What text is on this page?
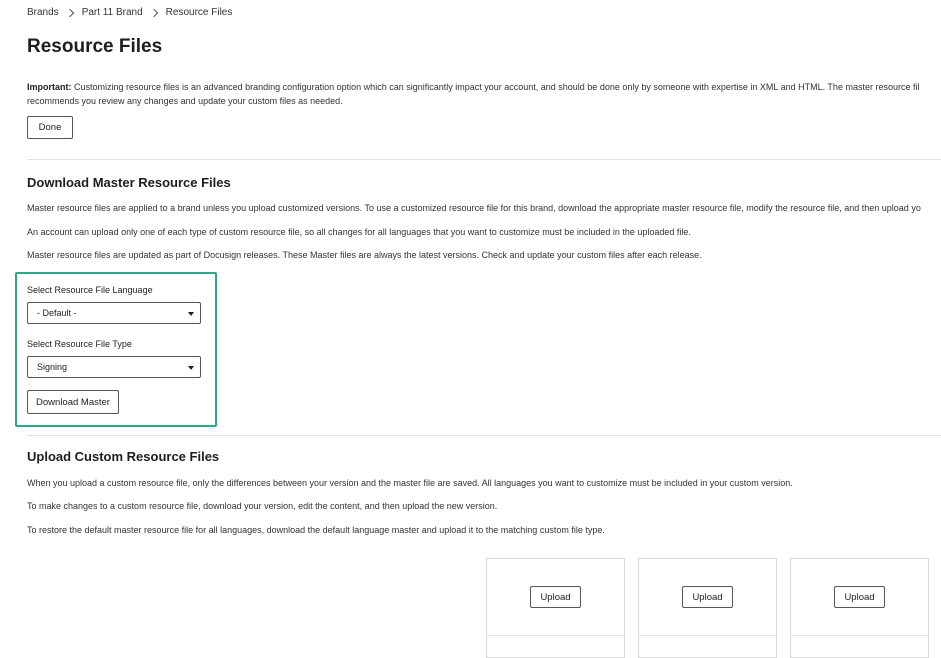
Brands Part 11 Brand Resource Files
Resource Files
Important: Customizing resource files is an advanced branding configuration option which can significantly impact your account, and should be done only by someone with expertise in XML and HTML. The master resource fil
recommends you review any changes and update your custom files as needed.
Done
Download Master Resource Files
Master resource files are applied to a brand unless you upload customized versions. To use a customized resource file for this brand, download the appropriate master resource file, modify the resource file, and then upload yo
An account can upload only one of each type of custom resource file, so all changes for all languages that you want to customize must be included in the uploaded file.
Master resource files are updated as part of Docusign releases. These Master files are always the latest versions. Check and update your custom files after each release.
Select Resource File Language
- Default -
Select Resource File Type
Signing
Download Master
Upload Custom Resource Files
When you upload a custom resource file, only the differences between your version and the master file are saved. All languages you want to customize must be included in your custom version.
To make changes to a custom resource file, download your version, edit the content, and then upload the new version.
To restore the default master resource file for all languages, download the default language master and upload it to the matching custom file type.
Upload	Upload	Upload
